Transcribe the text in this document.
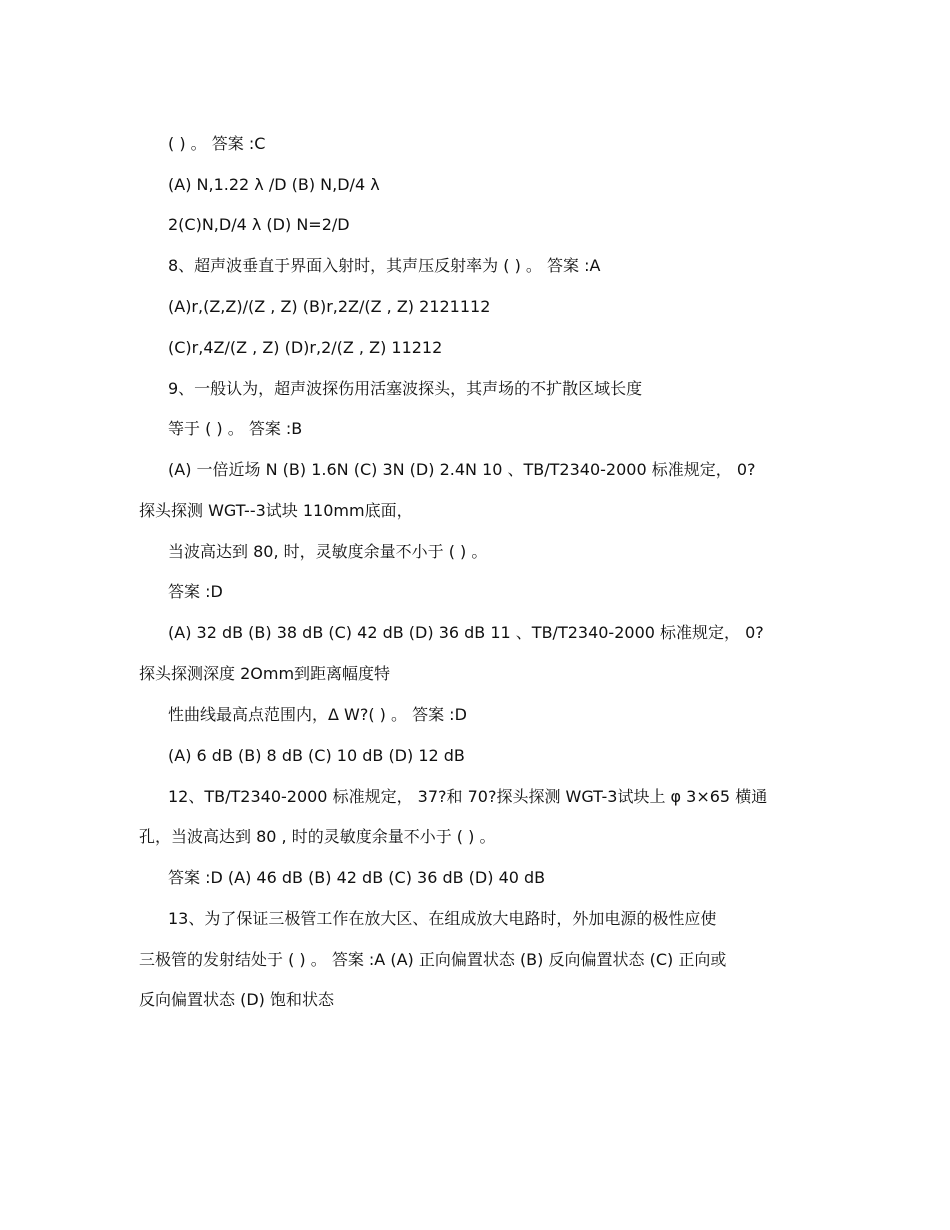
( ) 。 答案 :C
(A) N,1.22 λ /D (B) N,D/4 λ
2(C)N,D/4 λ (D) N=2/D
8、超声波垂直于界面入射时，其声压反射率为 ( ) 。 答案 :A
(A)r,(Z,Z)/(Z , Z) (B)r,2Z/(Z , Z) 2121112
(C)r,4Z/(Z , Z) (D)r,2/(Z , Z) 11212
9、一般认为，超声波探伤用活塞波探头，其声场的不扩散区域长度
等于 ( ) 。 答案 :B
(A) 一倍近场 N (B) 1.6N (C) 3N (D) 2.4N 10 、TB/T2340-2000 标准规定， 0?
探头探测 WGT--3试块 110mm底面，
当波高达到 80, 时，灵敏度余量不小于 ( ) 。
答案 :D
(A) 32 dB (B) 38 dB (C) 42 dB (D) 36 dB 11 、TB/T2340-2000 标准规定， 0?
探头探测深度 2Omm到距离幅度特
性曲线最高点范围内，Δ W?( ) 。 答案 :D
(A) 6 dB (B) 8 dB (C) 10 dB (D) 12 dB
12、TB/T2340-2000 标准规定， 37?和 70?探头探测 WGT-3试块上 φ 3×65 横通
孔，当波高达到 80 , 时的灵敏度余量不小于 ( ) 。
答案 :D (A) 46 dB (B) 42 dB (C) 36 dB (D) 40 dB
13、为了保证三极管工作在放大区、在组成放大电路时，外加电源的极性应使
三极管的发射结处于 ( ) 。 答案 :A (A) 正向偏置状态 (B) 反向偏置状态 (C) 正向或
反向偏置状态 (D) 饱和状态
